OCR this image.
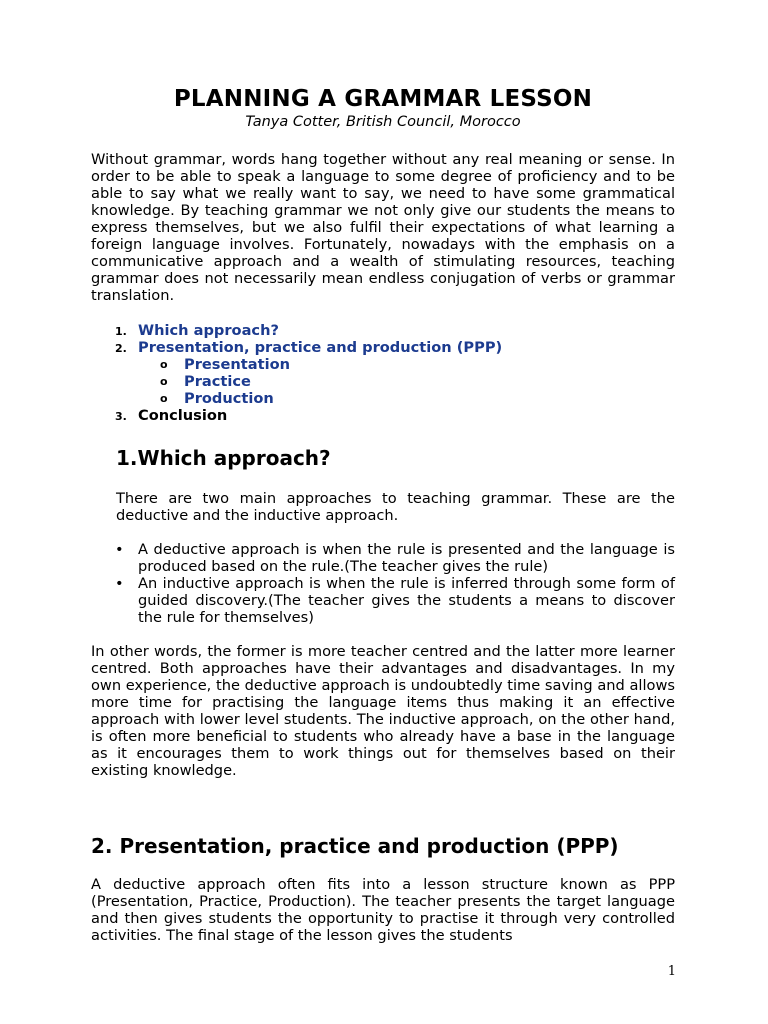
PLANNING A GRAMMAR LESSON
Tanya Cotter, British Council, Morocco

Without grammar, words hang together without any real meaning or sense. In order to be able to speak a language to some degree of proficiency and to be able to say what we really want to say, we need to have some grammatical knowledge. By teaching grammar we not only give our students the means to express themselves, but we also fulfil their expectations of what learning a foreign language involves. Fortunately, nowadays with the emphasis on a communicative approach and a wealth of stimulating resources, teaching grammar does not necessarily mean endless conjugation of verbs or grammar translation.

1. Which approach?
2. Presentation, practice and production (PPP)
o Presentation
o Practice
o Production
3. Conclusion
1.Which approach?

There are two main approaches to teaching grammar. These are the deductive and the inductive approach.

• A deductive approach is when the rule is presented and the language is produced based on the rule.(The teacher gives the rule)
• An inductive approach is when the rule is inferred through some form of guided discovery.(The teacher gives the students a means to discover the rule for themselves)

In other words, the former is more teacher centred and the latter more learner centred. Both approaches have their advantages and disadvantages. In my own experience, the deductive approach is undoubtedly time saving and allows more time for practising the language items thus making it an effective approach with lower level students. The inductive approach, on the other hand, is often more beneficial to students who already have a base in the language as it encourages them to work things out for themselves based on their existing knowledge.

2. Presentation, practice and production (PPP)

A deductive approach often fits into a lesson structure known as PPP (Presentation, Practice, Production). The teacher presents the target language and then gives students the opportunity to practise it through very controlled activities. The final stage of the lesson gives the students

1
